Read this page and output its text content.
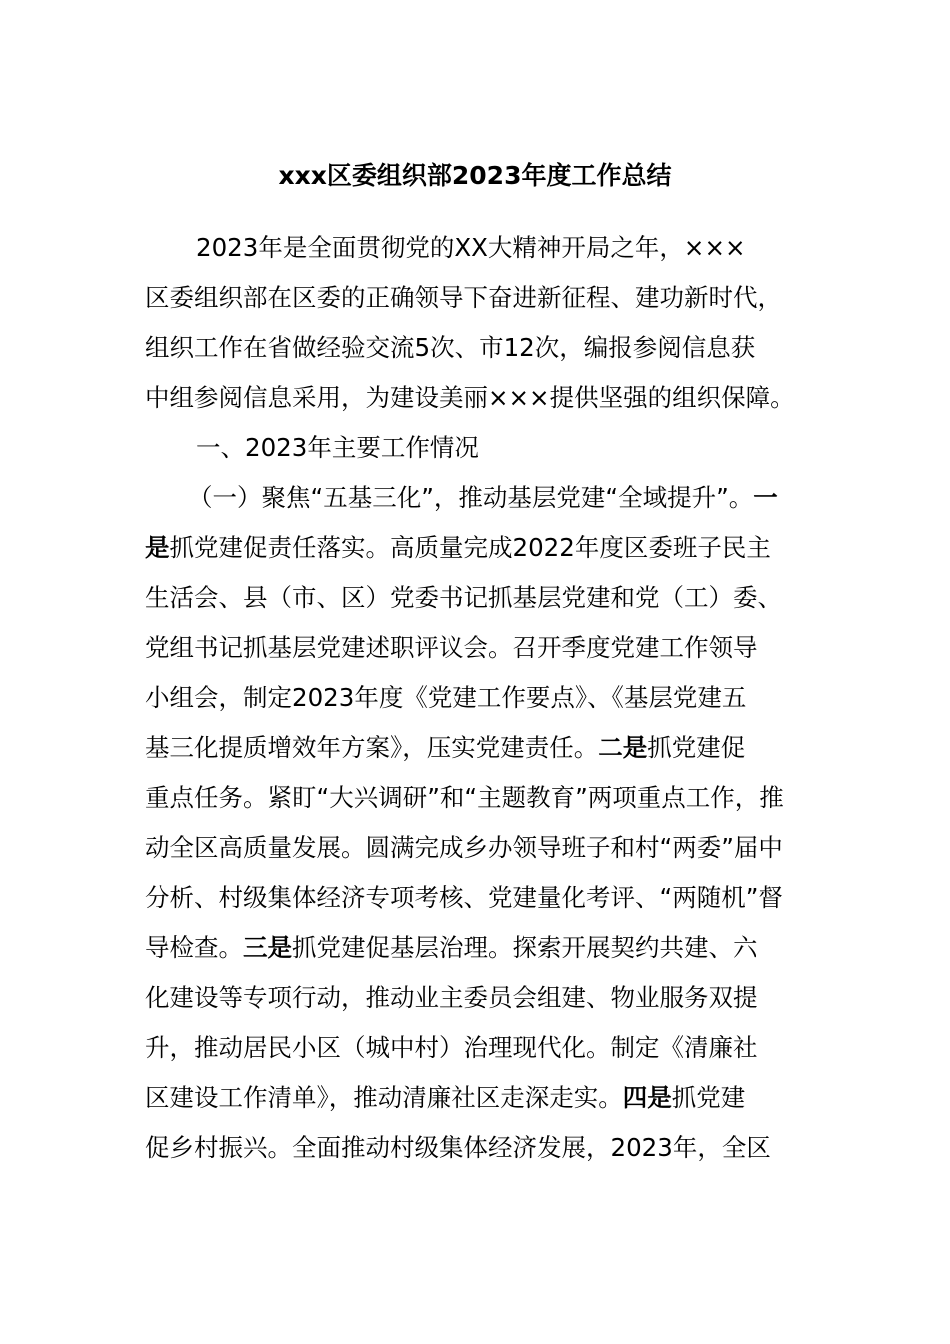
xxx区委组织部2023年度工作总结
2023年是全面贯彻党的XX大精神开局之年，×××
区委组织部在区委的正确领导下奋进新征程、建功新时代，
组织工作在省做经验交流5次、市12次，编报参阅信息获
中组参阅信息采用，为建设美丽×××提供坚强的组织保障。
一、2023年主要工作情况
（一）聚焦“五基三化”，推动基层党建“全域提升”。一
是抓党建促责任落实。高质量完成2022年度区委班子民主
生活会、县（市、区）党委书记抓基层党建和党（工）委、
党组书记抓基层党建述职评议会。召开季度党建工作领导
小组会，制定2023年度《党建工作要点》、《基层党建五
基三化提质增效年方案》，压实党建责任。二是抓党建促
重点任务。紧盯“大兴调研”和“主题教育”两项重点工作，推
动全区高质量发展。圆满完成乡办领导班子和村“两委”届中
分析、村级集体经济专项考核、党建量化考评、“两随机”督
导检查。三是抓党建促基层治理。探索开展契约共建、六
化建设等专项行动，推动业主委员会组建、物业服务双提
升，推动居民小区（城中村）治理现代化。制定《清廉社
区建设工作清单》，推动清廉社区走深走实。四是抓党建
促乡村振兴。全面推动村级集体经济发展，2023年，全区
